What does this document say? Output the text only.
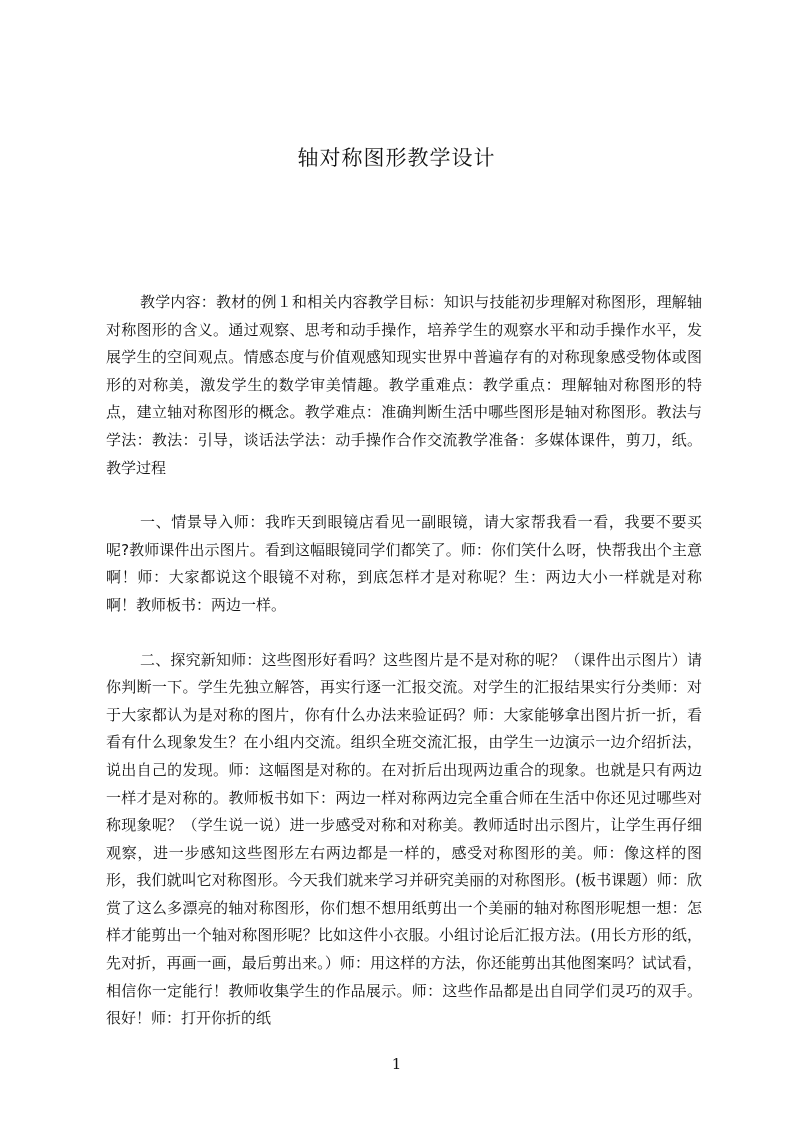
轴对称图形教学设计

教学内容：教材的例１和相关内容教学目标：知识与技能初步理解对称图形，理解轴对称图形的含义。通过观察、思考和动手操作，培养学生的观察水平和动手操作水平，发展学生的空间观点。情感态度与价值观感知现实世界中普遍存有的对称现象感受物体或图形的对称美，激发学生的数学审美情趣。教学重难点：教学重点：理解轴对称图形的特点，建立轴对称图形的概念。教学难点：准确判断生活中哪些图形是轴对称图形。教法与学法：教法：引导，谈话法学法：动手操作合作交流教学准备：多媒体课件，剪刀，纸。教学过程

一、情景导入师：我昨天到眼镜店看见一副眼镜，请大家帮我看一看，我要不要买呢?教师课件出示图片。看到这幅眼镜同学们都笑了。师：你们笑什么呀，快帮我出个主意啊！师：大家都说这个眼镜不对称，到底怎样才是对称呢？生：两边大小一样就是对称啊！教师板书：两边一样。

二、探究新知师：这些图形好看吗？这些图片是不是对称的呢？（课件出示图片）请你判断一下。学生先独立解答，再实行逐一汇报交流。对学生的汇报结果实行分类师：对于大家都认为是对称的图片，你有什么办法来验证码？师：大家能够拿出图片折一折，看看有什么现象发生？在小组内交流。组织全班交流汇报，由学生一边演示一边介绍折法，说出自己的发现。师：这幅图是对称的。在对折后出现两边重合的现象。也就是只有两边一样才是对称的。教师板书如下：两边一样对称两边完全重合师在生活中你还见过哪些对称现象呢？（学生说一说）进一步感受对称和对称美。教师适时出示图片，让学生再仔细观察，进一步感知这些图形左右两边都是一样的，感受对称图形的美。师：像这样的图形，我们就叫它对称图形。今天我们就来学习并研究美丽的对称图形。(板书课题）师：欣赏了这么多漂亮的轴对称图形，你们想不想用纸剪出一个美丽的轴对称图形呢想一想：怎样才能剪出一个轴对称图形呢？比如这件小衣服。小组讨论后汇报方法。(用长方形的纸，先对折，再画一画，最后剪出来。）师：用这样的方法，你还能剪出其他图案吗？试试看，相信你一定能行！教师收集学生的作品展示。师：这些作品都是出自同学们灵巧的双手。很好！师：打开你折的纸

1
